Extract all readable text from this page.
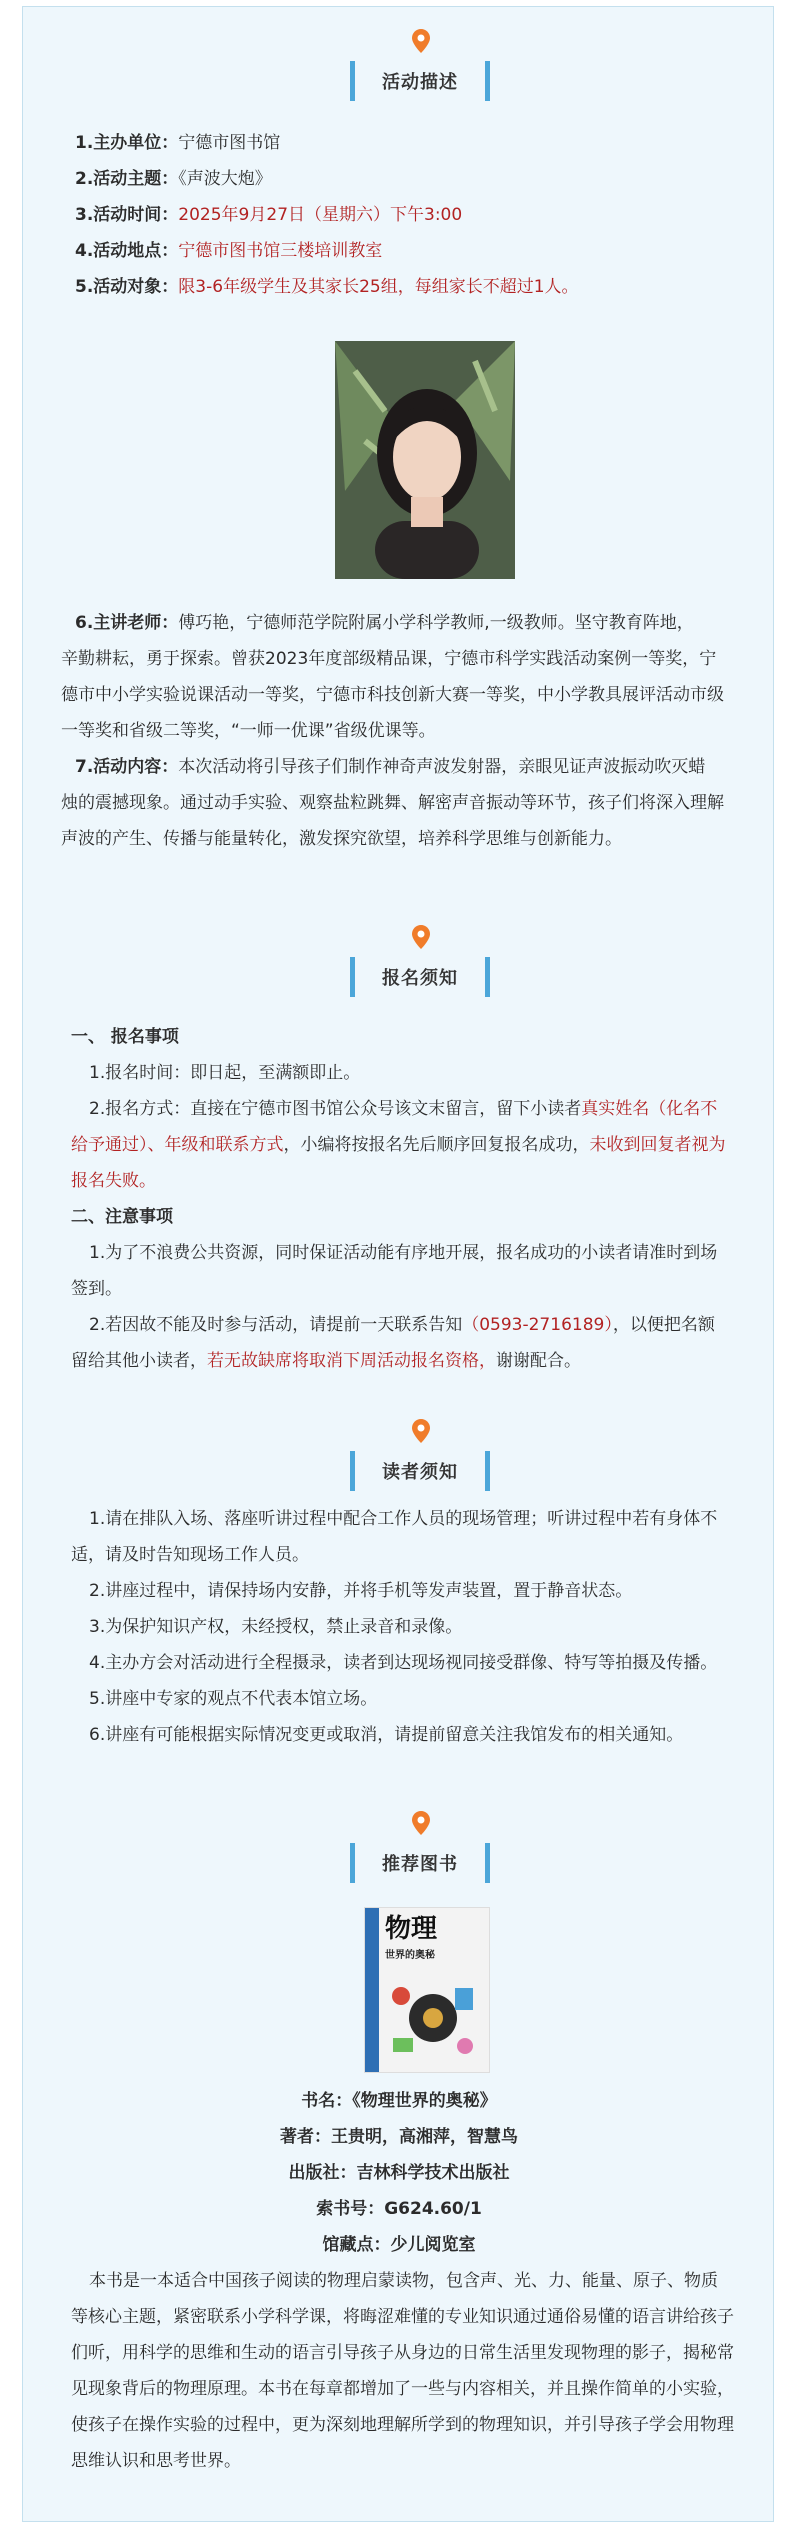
活动描述
1.主办单位：宁德市图书馆
2.活动主题：《声波大炮》
3.活动时间：2025年9月27日（星期六）下午3:00
4.活动地点：宁德市图书馆三楼培训教室
5.活动对象：限3-6年级学生及其家长25组，每组家长不超过1人。
6.主讲老师：傅巧艳，宁德师范学院附属小学科学教师,一级教师。坚守教育阵地，
辛勤耕耘，勇于探索。曾获2023年度部级精品课，宁德市科学实践活动案例一等奖，宁
德市中小学实验说课活动一等奖，宁德市科技创新大赛一等奖，中小学教具展评活动市级
一等奖和省级二等奖，“一师一优课”省级优课等。
7.活动内容：本次活动将引导孩子们制作神奇声波发射器，亲眼见证声波振动吹灭蜡
烛的震撼现象。通过动手实验、观察盐粒跳舞、解密声音振动等环节，孩子们将深入理解
声波的产生、传播与能量转化，激发探究欲望，培养科学思维与创新能力。
报名须知
一、 报名事项
1.报名时间：即日起，至满额即止。
2.报名方式：直接在宁德市图书馆公众号该文末留言，留下小读者真实姓名（化名不
给予通过）、年级和联系方式，小编将按报名先后顺序回复报名成功，未收到回复者视为
报名失败。
二、注意事项
1.为了不浪费公共资源，同时保证活动能有序地开展，报名成功的小读者请准时到场
签到。
2.若因故不能及时参与活动，请提前一天联系告知（0593-2716189），以便把名额
留给其他小读者，若无故缺席将取消下周活动报名资格，谢谢配合。
读者须知
1.请在排队入场、落座听讲过程中配合工作人员的现场管理；听讲过程中若有身体不
适，请及时告知现场工作人员。
2.讲座过程中，请保持场内安静，并将手机等发声装置，置于静音状态。
3.为保护知识产权，未经授权，禁止录音和录像。
4.主办方会对活动进行全程摄录，读者到达现场视同接受群像、特写等拍摄及传播。
5.讲座中专家的观点不代表本馆立场。
6.讲座有可能根据实际情况变更或取消，请提前留意关注我馆发布的相关通知。
推荐图书
物理
世界的奥秘
书名：《物理世界的奥秘》
著者：王贵明，高湘萍，智慧鸟
出版社：吉林科学技术出版社
索书号：G624.60/1
馆藏点：少儿阅览室
本书是一本适合中国孩子阅读的物理启蒙读物，包含声、光、力、能量、原子、物质
等核心主题，紧密联系小学科学课，将晦涩难懂的专业知识通过通俗易懂的语言讲给孩子
们听，用科学的思维和生动的语言引导孩子从身边的日常生活里发现物理的影子，揭秘常
见现象背后的物理原理。本书在每章都增加了一些与内容相关，并且操作简单的小实验，
使孩子在操作实验的过程中，更为深刻地理解所学到的物理知识，并引导孩子学会用物理
思维认识和思考世界。
